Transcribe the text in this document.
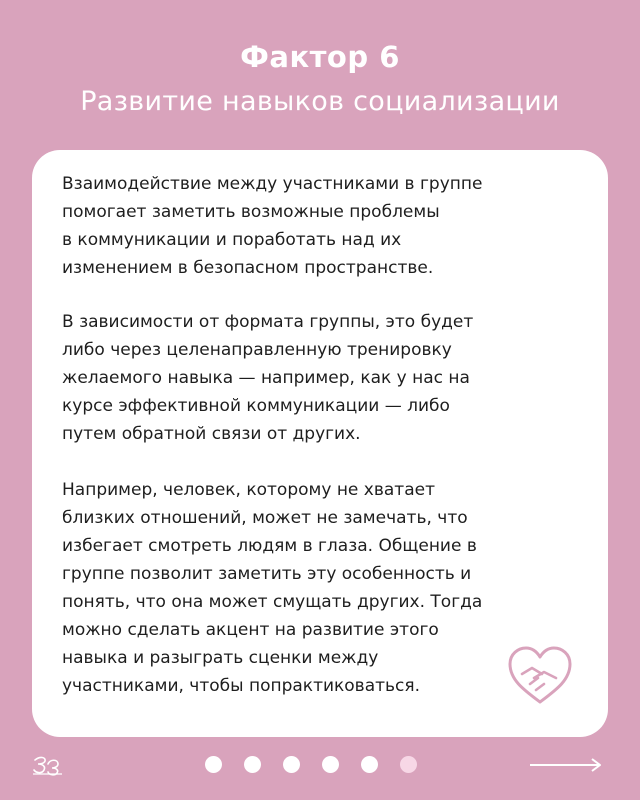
Фактор 6
Развитие навыков социализации

Взаимодействие между участниками в группе
помогает заметить возможные проблемы
в коммуникации и поработать над их
изменением в безопасном пространстве.

В зависимости от формата группы, это будет
либо через целенаправленную тренировку
желаемого навыка — например, как у нас на
курсе эффективной коммуникации — либо
путем обратной связи от других.

Например, человек, которому не хватает
близких отношений, может не замечать, что
избегает смотреть людям в глаза. Общение в
группе позволит заметить эту особенность и
понять, что она может смущать других. Тогда
можно сделать акцент на развитие этого
навыка и разыграть сценки между
участниками, чтобы попрактиковаться.
